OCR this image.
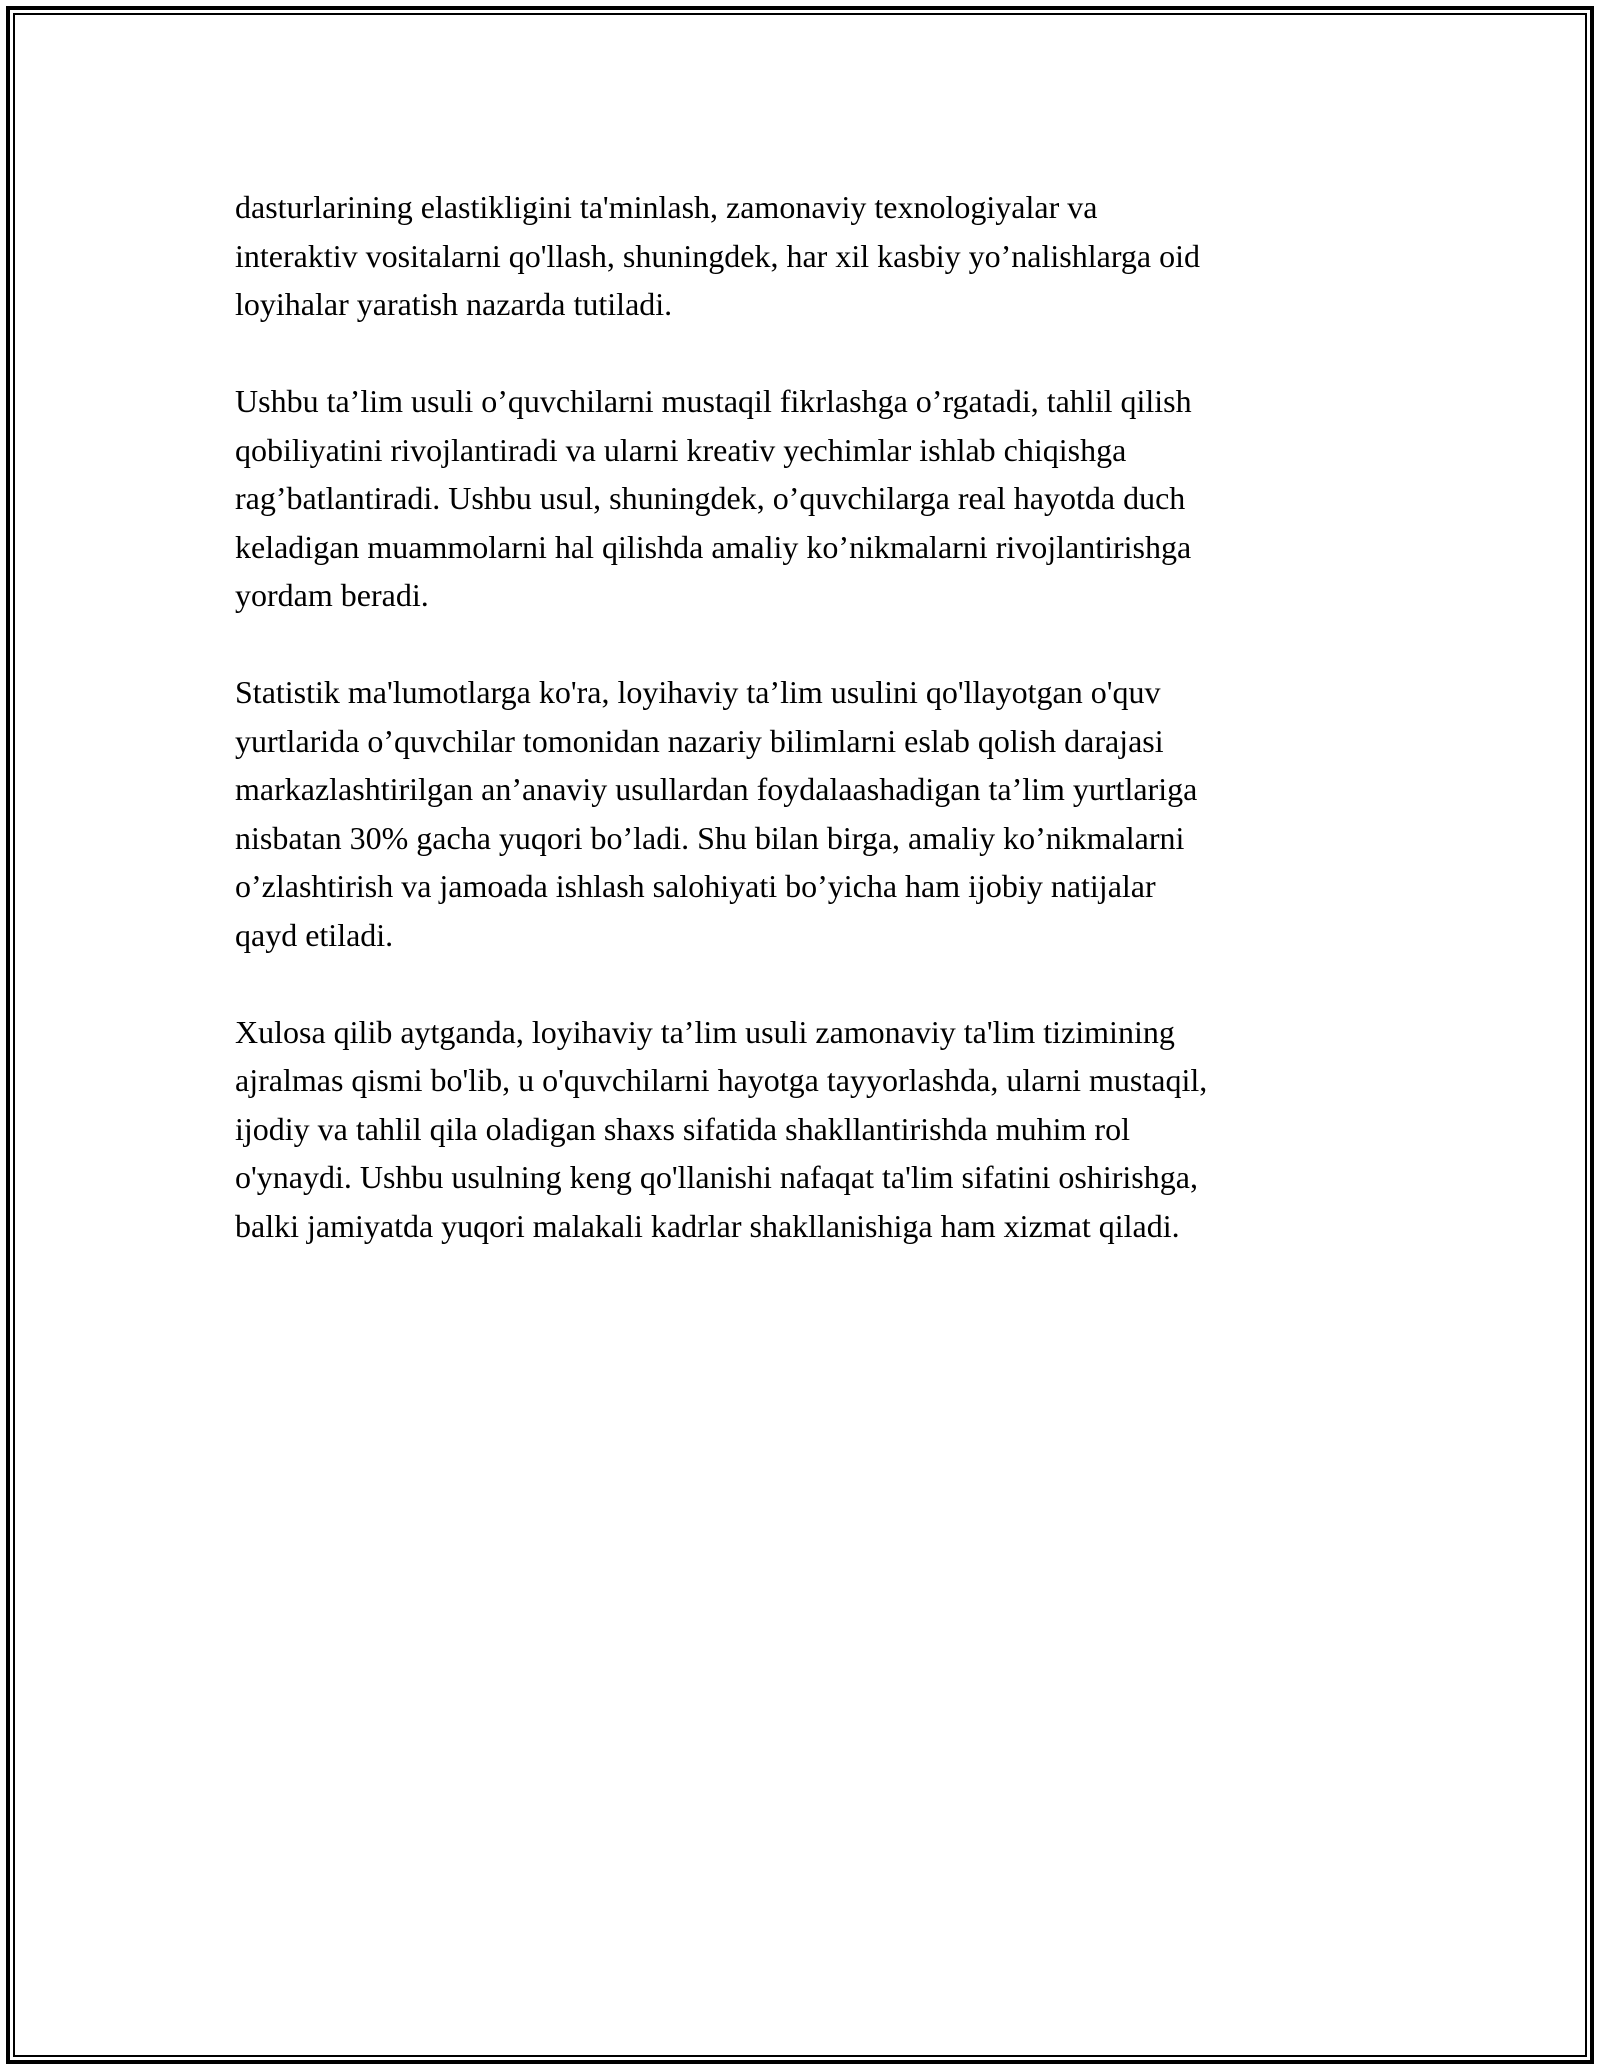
dasturlarining elastikligini ta'minlash, zamonaviy texnologiyalar va
interaktiv vositalarni qo'llash, shuningdek, har xil kasbiy yo’nalishlarga oid
loyihalar yaratish nazarda tutiladi.

Ushbu ta’lim usuli o’quvchilarni mustaqil fikrlashga o’rgatadi, tahlil qilish
qobiliyatini rivojlantiradi va ularni kreativ yechimlar ishlab chiqishga
rag’batlantiradi. Ushbu usul, shuningdek, o’quvchilarga real hayotda duch
keladigan muammolarni hal qilishda amaliy ko’nikmalarni rivojlantirishga
yordam beradi.

Statistik ma'lumotlarga ko'ra, loyihaviy ta’lim usulini qo'llayotgan o'quv
yurtlarida o’quvchilar tomonidan nazariy bilimlarni eslab qolish darajasi
markazlashtirilgan an’anaviy usullardan foydalaashadigan ta’lim yurtlariga
nisbatan 30% gacha yuqori bo’ladi. Shu bilan birga, amaliy ko’nikmalarni
o’zlashtirish va jamoada ishlash salohiyati bo’yicha ham ijobiy natijalar
qayd etiladi.

Xulosa qilib aytganda, loyihaviy ta’lim usuli zamonaviy ta'lim tizimining
ajralmas qismi bo'lib, u o'quvchilarni hayotga tayyorlashda, ularni mustaqil,
ijodiy va tahlil qila oladigan shaxs sifatida shakllantirishda muhim rol
o'ynaydi. Ushbu usulning keng qo'llanishi nafaqat ta'lim sifatini oshirishga,
balki jamiyatda yuqori malakali kadrlar shakllanishiga ham xizmat qiladi.
